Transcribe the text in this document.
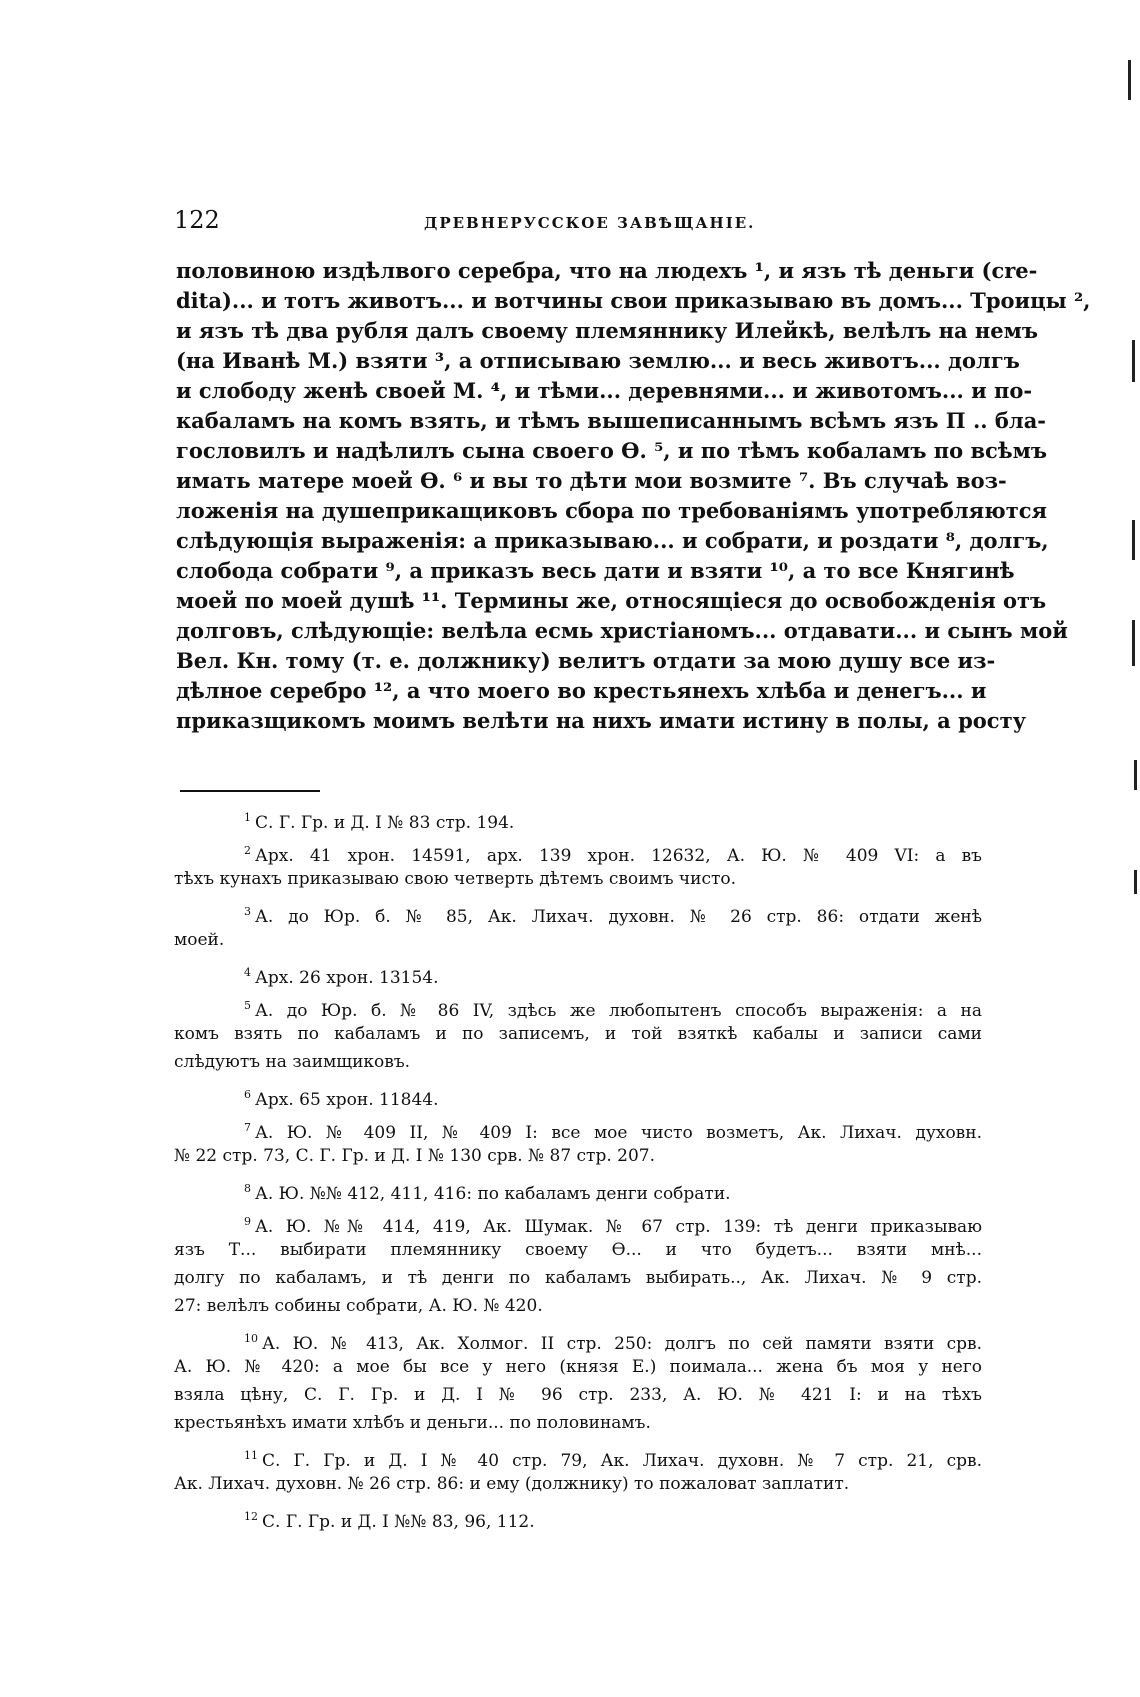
122	ДРЕВНЕРУССКОЕ ЗАВѢЩАНІЕ.
половиною издѣлвого серебра, что на людехъ ¹, и язъ тѣ деньги (cre-
dita)... и тотъ животъ... и вотчины свои приказываю въ домъ... Троицы ²,
и язъ тѣ два рубля далъ своему племяннику Илейкѣ, велѣлъ на немъ
(на Иванѣ М.) взяти ³, а отписываю землю... и весь животъ... долгъ
и слободу женѣ своей М. ⁴, и тѣми... деревнями... и животомъ... и по-
кабаламъ на комъ взять, и тѣмъ вышеписаннымъ всѣмъ язъ П .. бла-
гословилъ и надѣлилъ сына своего Ѳ. ⁵, и по тѣмъ кобаламъ по всѣмъ
имать матере моей Ѳ. ⁶ и вы то дѣти мои возмите ⁷. Въ случаѣ воз-
ложенія на душеприкащиковъ сбора по требованіямъ употребляются
слѣдующія выраженія: а приказываю... и собрати, и роздати ⁸, долгъ,
слобода собрати ⁹, а приказъ весь дати и взяти ¹⁰, а то все Княгинѣ
моей по моей душѣ ¹¹. Термины же, относящіеся до освобожденія отъ
долговъ, слѣдующіе: велѣла есмь христіаномъ... отдавати... и сынъ мой
Вел. Кн. тому (т. е. должнику) велитъ отдати за мою душу все из-
дѣлное серебро ¹², а что моего во крестьянехъ хлѣба и денегъ... и
приказщикомъ моимъ велѣти на нихъ имати истину в полы, а росту
$^1$ С. Г. Гр. и Д. I № 83 стр. 194.
$^2$ Арх. 41 хрон. 14591, арх. 139 хрон. 12632, А. Ю. № 409 VI: а въ
тѣхъ кунахъ приказываю свою четверть дѣтемъ своимъ чисто.
$^3$ А. до Юр. б. № 85, Ак. Лихач. духовн. № 26 стр. 86: отдати женѣ
моей.
$^4$ Арх. 26 хрон. 13154.
$^5$ А. до Юр. б. № 86 IV, здѣсь же любопытенъ способъ выраженія: а на
комъ взять по кабаламъ и по записемъ, и той взяткѣ кабалы и записи сами
слѣдуютъ на заимщиковъ.
$^6$ Арх. 65 хрон. 11844.
$^7$ А. Ю. № 409 II, № 409 I: все мое чисто возметъ, Ак. Лихач. духовн.
№ 22 стр. 73, С. Г. Гр. и Д. I № 130 срв. № 87 стр. 207.
$^8$ А. Ю. №№ 412, 411, 416: по кабаламъ денги собрати.
$^9$ А. Ю. №№ 414, 419, Ак. Шумак. № 67 стр. 139: тѣ денги приказываю
язъ Т... выбирати племяннику своему Ѳ... и что будетъ... взяти мнѣ...
долгу по кабаламъ, и тѣ денги по кабаламъ выбирать.., Ак. Лихач. № 9 стр.
27: велѣлъ собины собрати, А. Ю. № 420.
$^{10}$ А. Ю. № 413, Ак. Холмог. II стр. 250: долгъ по сей памяти взяти срв.
А. Ю. № 420: а мое бы все у него (князя Е.) поимала... жена бъ моя у него
взяла цѣну, С. Г. Гр. и Д. I № 96 стр. 233, А. Ю. № 421 I: и на тѣхъ
крестьянѣхъ имати хлѣбъ и деньги... по половинамъ.
$^{11}$ С. Г. Гр. и Д. I № 40 стр. 79, Ак. Лихач. духовн. № 7 стр. 21, срв.
Ак. Лихач. духовн. № 26 стр. 86: и ему (должнику) то пожаловат заплатит.
$^{12}$ С. Г. Гр. и Д. I №№ 83, 96, 112.
